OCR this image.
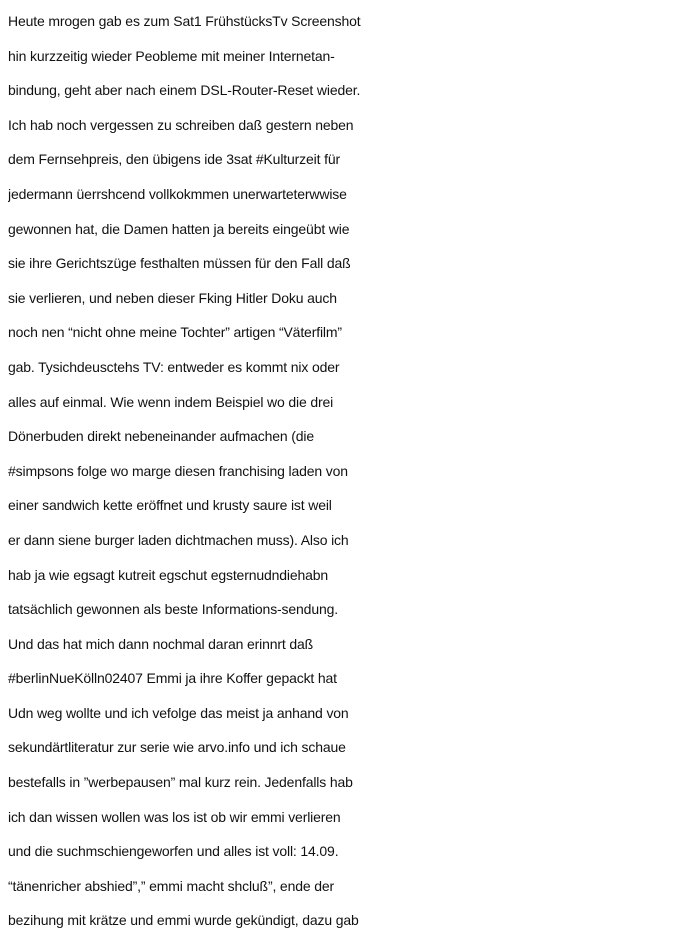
Heute mrogen gab es zum Sat1 FrühstücksTv Screenshot
hin kurzzeitig wieder Peobleme mit meiner Internetan-
bindung, geht aber nach einem DSL-Router-Reset wieder.
Ich hab noch vergessen zu schreiben daß gestern neben
dem Fernsehpreis, den übigens ide 3sat #Kulturzeit für
jedermann üerrshcend vollkokmmen unerwarteterwwise
gewonnen hat, die Damen hatten ja bereits eingeübt wie
sie ihre Gerichtszüge festhalten müssen für den Fall daß
sie verlieren, und neben dieser Fking Hitler Doku auch
noch nen “nicht ohne meine Tochter” artigen “Väterfilm”
gab. Tysichdeusctehs TV: entweder es kommt nix oder
alles auf einmal. Wie wenn indem Beispiel wo die drei
Dönerbuden direkt nebeneinander aufmachen (die
#simpsons folge wo marge diesen franchising laden von
einer sandwich kette eröffnet und krusty saure ist weil
er dann siene burger laden dichtmachen muss). Also ich
hab ja wie egsagt kutreit egschut egsternudndiehabn
tatsächlich gewonnen als beste Informations-sendung.
Und das hat mich dann nochmal daran erinnrt daß
#berlinNueKölln02407 Emmi ja ihre Koffer gepackt hat
Udn weg wollte und ich vefolge das meist ja anhand von
sekundärtliteratur zur serie wie arvo.info und ich schaue
bestefalls in ”werbepausen” mal kurz rein. Jedenfalls hab
ich dan wissen wollen was los ist ob wir emmi verlieren
und die suchmschiengeworfen und alles ist voll: 14.09.
“tänenricher abshied”,” emmi macht shcluß”, ende der
bezihung mit krätze und emmi wurde gekündigt, dazu gab
